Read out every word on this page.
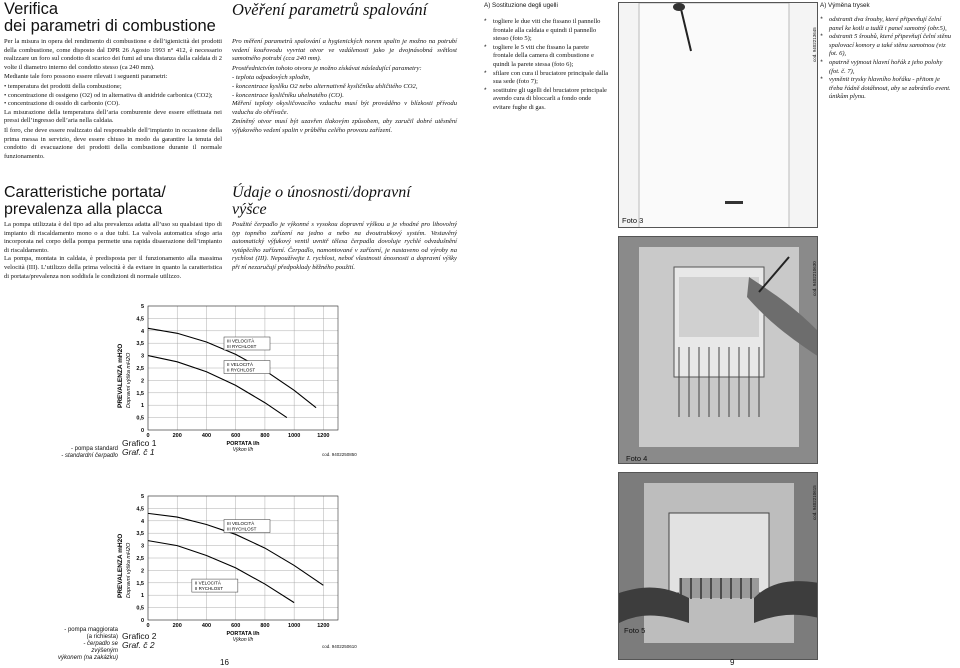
Verifica
dei parametri di combustione

Per la misura in opera del rendimento di combustione e dell’igienicità dei prodotti della combustione, come disposto dal DPR 26 Agosto 1993 n° 412, è necessario realizzare un foro sul condotto di scarico dei fumi ad una distanza dalla caldaia di 2 volte il diametro interno del condotto stesso (ca 240 mm).

Mediante tale foro possono essere rilevati i seguenti parametri:

• temperatura dei prodotti della combustione;
• concentrazione di ossigeno (O2) od in alternativa di anidride carbonica (CO2);
• concentrazione di ossido di carbonio (CO).

La misurazione della temperatura dell’aria comburente deve essere effettuata nei pressi dell’ingresso dell’aria nella caldaia.

Il foro, che deve essere realizzato dal responsabile dell’impianto in occasione della prima messa in servizio, deve essere chiuso in modo da garantire la tenuta del condotto di evacuazione dei prodotti della combustione durante il normale funzionamento.

Caratteristiche portata/
prevalenza alla placca

La pompa utilizzata è del tipo ad alta prevalenza adatta all’uso su qualsiasi tipo di impianto di riscaldamento mono o a due tubi. La valvola automatica sfogo aria incorporata nel corpo della pompa permette una rapida disaerazione dell’impianto di riscaldamento.

La pompa, montata in caldaia, è predisposta per il funzionamento alla massima velocità (III). L’utilizzo della prima velocità è da evitare in quanto la caratteristica di portata/prevalenza non soddisfa le condizioni di normale utilizzo.

Ověření parametrů spalování

Pro měření parametrů spalování a hygienických norem spalin je možno na potrubí vedení kouřovodu vyvrtat otvor ve vzdálenosti jako je dvojnásobná světlost samotného potrubí (cca 240 mm).

Prostřednictvím tohoto otvoru je možno získávat následující parametry:

- teplota odpadových splodin,
- koncentrace kyslíku O2 nebo alternativně kysličníku uhličitého CO2,
- koncentrace kysličníku uhelnatého (CO).

Měření teploty okysličovacího vzduchu musí být prováděno v blízkosti přívodu vzduchu do ohřívače.

Zmíněný otvor musí být uzavřen tlakovým způsobem, aby zaručil dobré utěsnění výfukového vedení spalin v průběhu celého provozu zařízení.

Údaje o únosnosti/dopravní
výšce

Použité čerpadlo je výkonné s vysokou dopravní výškou a je vhodné pro libovolný typ topného zařízení na jedno a nebo na dvoutrubkový systém. Vestavěný automatický výfukový ventil uvnitř tělesa čerpadla dovoluje rychlé odvzdušnění vytápěcího zařízení. Čerpadlo, namontované v zařízení, je nastaveno od výroby na rychlost (III). Nepoužívejte I. rychlost, neboť vlastnosti únosnosti a dopravní výšky při ní nezaručují předpoklady běžného použití.

0
0,5
1
1,5
2
2,5
3
3,5
4
4,5
5
0	200	400	600	800	1000	1200
PREVALENZA mH2O Dopravní výška mH2O
PORTATA l/h
Výkon l/h
III VELOCITÀ
III RYCHLOST
II VELOCITÀ
II RYCHLOST
- pompa standard
- standardní čerpadlo
Grafico 1
Graf. č 1	cod. 9402250850
0
0,5
1
1,5
2
2,5
3
3,5
4
4,5
5
0	200	400	600	800	1000	1200
PREVALENZA mH2O Dopravní výška mH2O
PORTATA l/h
Výkon l/h
III VELOCITÀ
III RYCHLOST
II VELOCITÀ
II RYCHLOST
- pompa maggiorata
(a richiesta)
- čerpadlo se zvýšeným
výkonem (na zakázku)
Grafico 2
Graf. č 2	cod. 9402250610
16
A) Sostituzione degli ugelli
* togliere le due viti che fissano il pannello frontale alla caldaia e quindi il pannello stesso (foto 5);
* togliere le 5 viti che fissano la parete frontale della camera di combustione e quindi la parete stessa (foto 6);
* sfilare con cura il bruciatore principale dalla sua sede (foto 7);
* sostituire gli ugelli del bruciatore principale avendo cura di bloccarli a fondo onde evitare fughe di gas.
Foto 3
cod. 9402213645
Foto 4
cod. 9402210630
Foto 5
cod. 9402210615
A) Výměna trysek
* odstranit dva šrouby, které připevňují čelní panel ke kotli a tudíž i panel samotný (obr.5),
* odstranit 5 šroubů, které připevňují čelní stěnu spalovací komory a také stěnu samotnou (viz fot. 6),
* opatrně vyjmout hlavní hořák z jeho polohy (fot. č. 7),
* vyměnit trysky hlavního hořáku - přitom je třeba řádně dotáhnout, aby se zabránilo event. únikům plynu.
9
